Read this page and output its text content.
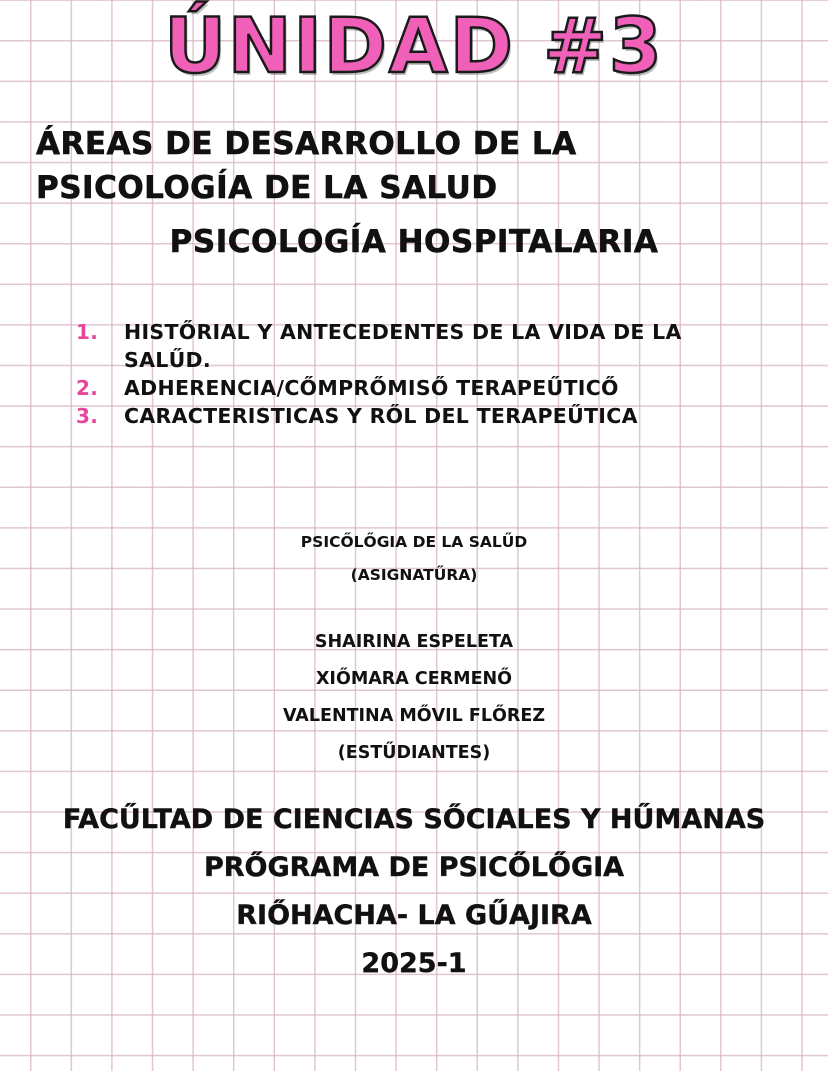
ÚNIDAD #3
ÁREAS DE DESARROLLO DE LA PSICOLOGÍA DE LA SALUD
PSICOLOGÍA HOSPITALARIA
1.	HISTŐRIAL Y ANTECEDENTES DE LA VIDA DE LA SALŰD.
2.	ADHERENCIA/CŐMPRŐMISŐ TERAPEŰTICŐ
3.	CARACTERISTICAS Y RŐL DEL TERAPEŰTICA
PSICŐLŐGIA DE LA SALŰD
(ASIGNATŰRA)
SHAIRINA ESPELETA
XIŐMARA CERMENŐ
VALENTINA MŐVIL FLŐREZ
(ESTŰDIANTES)
FACŰLTAD DE CIENCIAS SŐCIALES Y HŰMANAS
PRŐGRAMA DE PSICŐLŐGIA
RIŐHACHA- LA GŰAJIRA
2025-1
